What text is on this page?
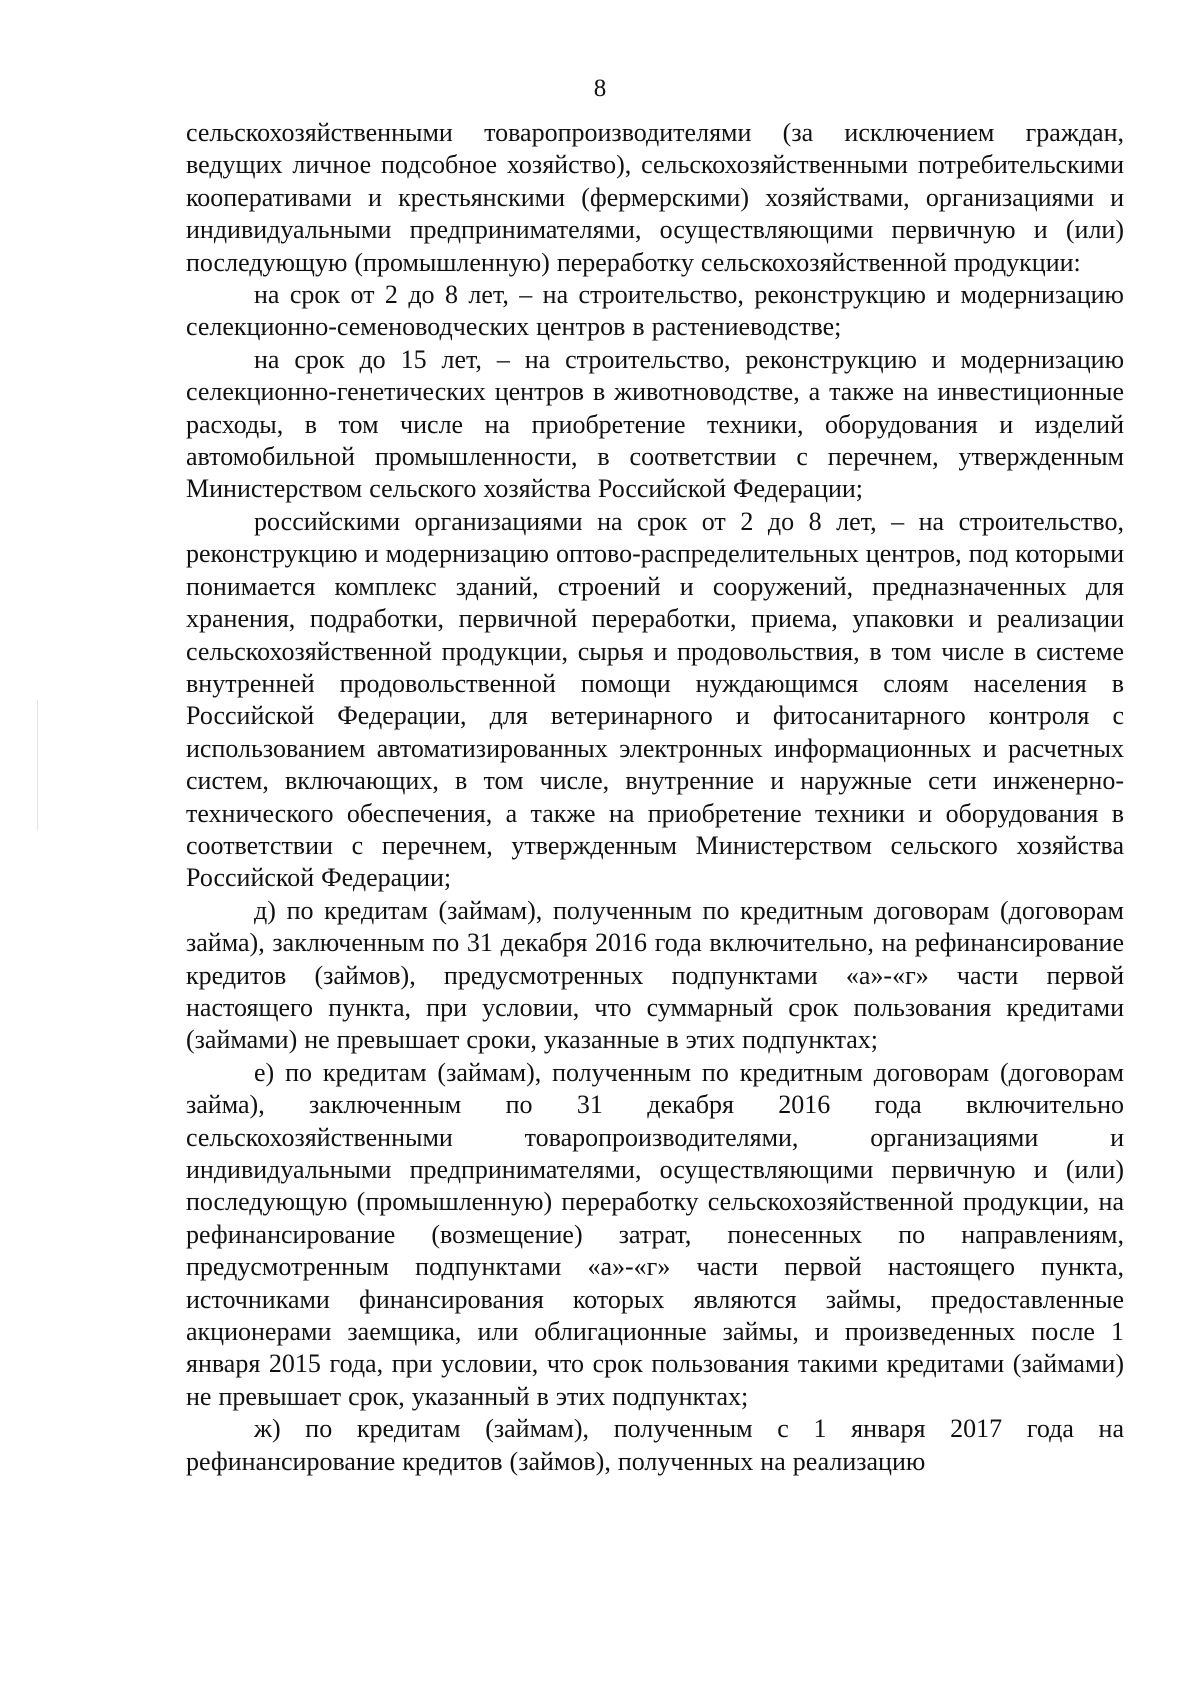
8

сельскохозяйственными товаропроизводителями (за исключением граждан, ведущих личное подсобное хозяйство), сельскохозяйственными потребительскими кооперативами и крестьянскими (фермерскими) хозяйствами, организациями и индивидуальными предпринимателями, осуществляющими первичную и (или) последующую (промышленную) переработку сельскохозяйственной продукции:

на срок от 2 до 8 лет, – на строительство, реконструкцию и модернизацию селекционно-семеноводческих центров в растениеводстве;

на срок до 15 лет, – на строительство, реконструкцию и модернизацию селекционно-генетических центров в животноводстве, а также на инвестиционные расходы, в том числе на приобретение техники, оборудования и изделий автомобильной промышленности, в соответствии с перечнем, утвержденным Министерством сельского хозяйства Российской Федерации;

российскими организациями на срок от 2 до 8 лет, – на строительство, реконструкцию и модернизацию оптово-распределительных центров, под которыми понимается комплекс зданий, строений и сооружений, предназначенных для хранения, подработки, первичной переработки, приема, упаковки и реализации сельскохозяйственной продукции, сырья и продовольствия, в том числе в системе внутренней продовольственной помощи нуждающимся слоям населения в Российской Федерации, для ветеринарного и фитосанитарного контроля с использованием автоматизированных электронных информационных и расчетных систем, включающих, в том числе, внутренние и наружные сети инженерно-технического обеспечения, а также на приобретение техники и оборудования в соответствии с перечнем, утвержденным Министерством сельского хозяйства Российской Федерации;

д) по кредитам (займам), полученным по кредитным договорам (договорам займа), заключенным по 31 декабря 2016 года включительно, на рефинансирование кредитов (займов), предусмотренных подпунктами «а»-«г» части первой настоящего пункта, при условии, что суммарный срок пользования кредитами (займами) не превышает сроки, указанные в этих подпунктах;

е) по кредитам (займам), полученным по кредитным договорам (договорам займа), заключенным по 31 декабря 2016 года включительно сельскохозяйственными товаропроизводителями, организациями и индивидуальными предпринимателями, осуществляющими первичную и (или) последующую (промышленную) переработку сельскохозяйственной продукции, на рефинансирование (возмещение) затрат, понесенных по направлениям, предусмотренным подпунктами «а»-«г» части первой настоящего пункта, источниками финансирования которых являются займы, предоставленные акционерами заемщика, или облигационные займы, и произведенных после 1 января 2015 года, при условии, что срок пользования такими кредитами (займами) не превышает срок, указанный в этих подпунктах;

ж) по кредитам (займам), полученным с 1 января 2017 года на рефинансирование кредитов (займов), полученных на реализацию
